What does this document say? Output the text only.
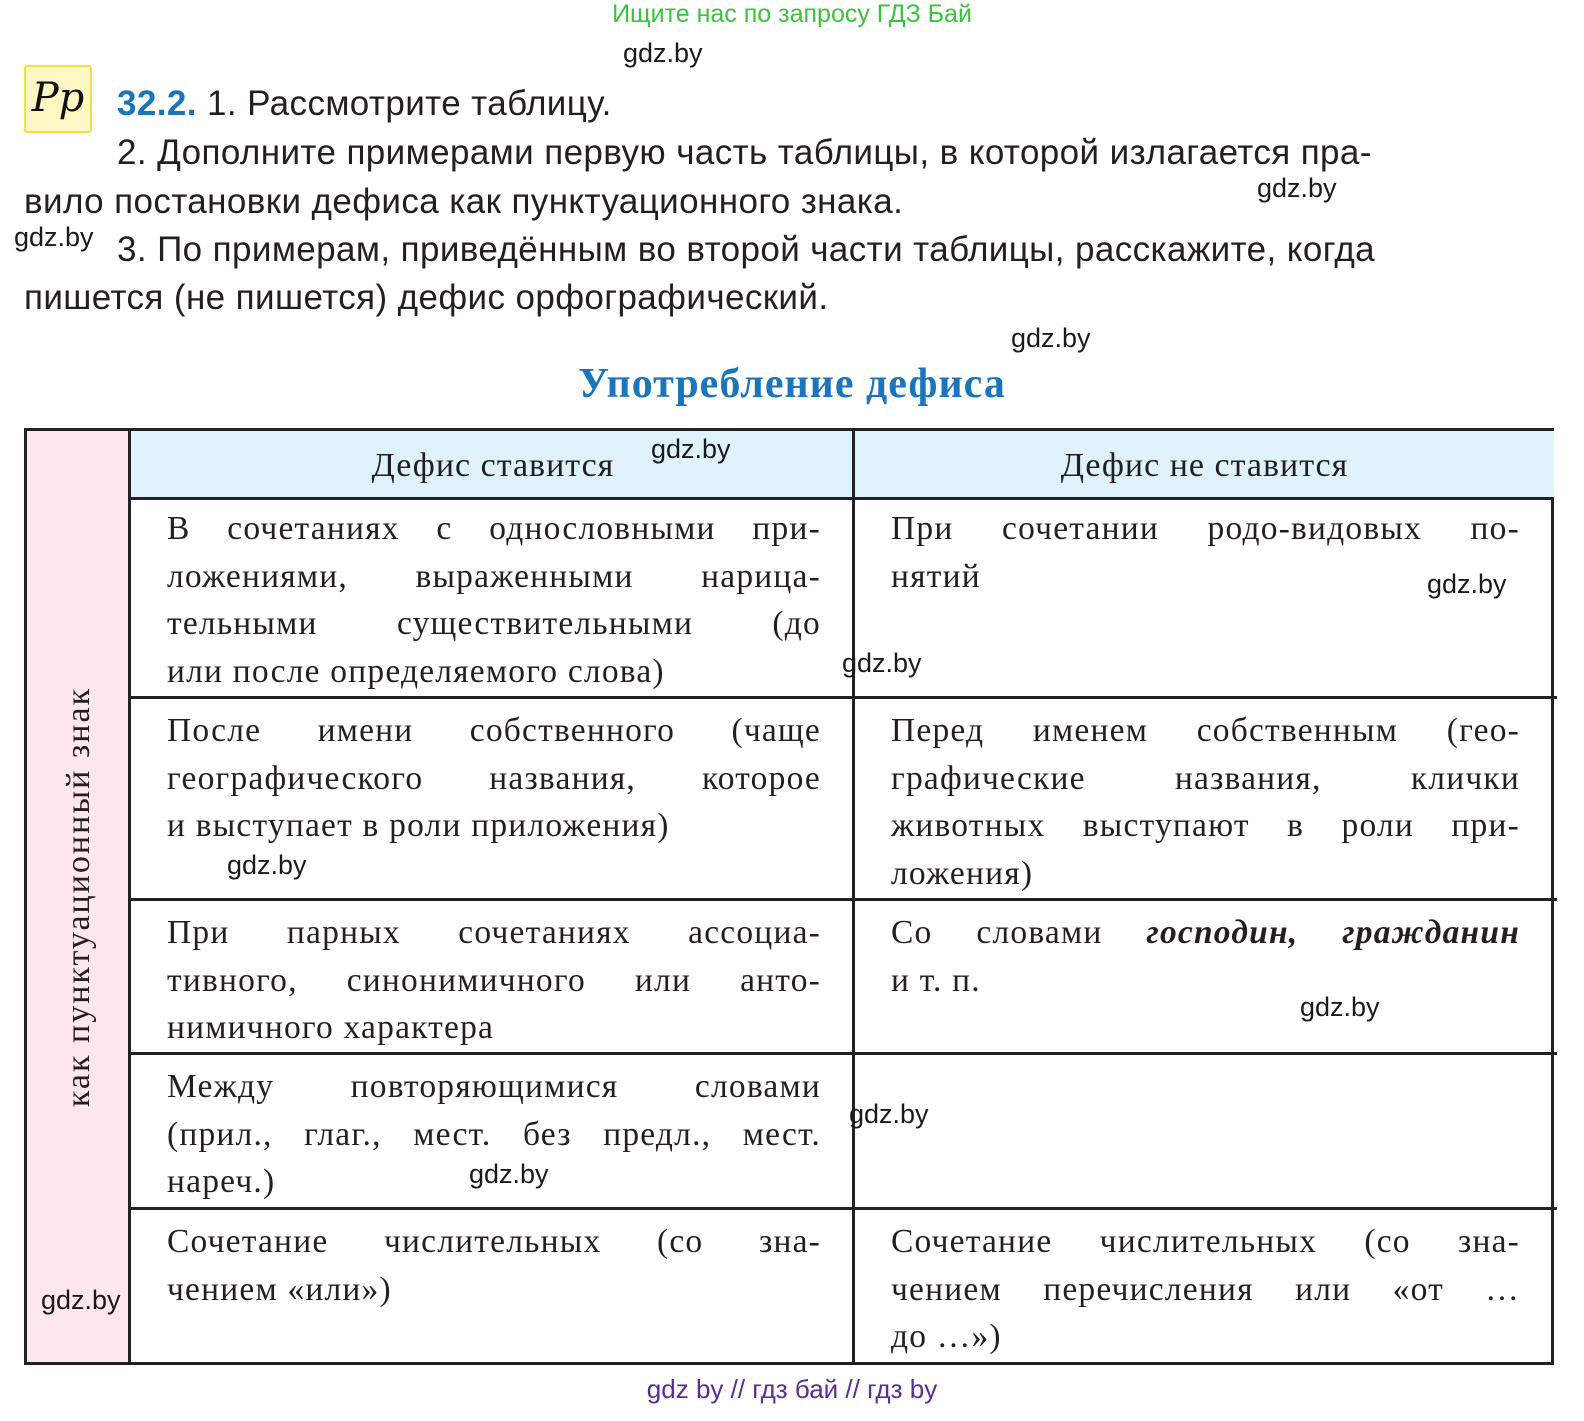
Ищите нас по запросу ГДЗ Бай
Pp 32.2. 1. Рассмотрите таблицу.
2. Дополните примерами первую часть таблицы, в которой излагается пра-
вило постановки дефиса как пунктуационного знака.
3. По примерам, приведённым во второй части таблицы, расскажите, когда
пишется (не пишется) дефис орфографический.
Употребление дефиса
как пунктуационный знак
Дефис ставится	Дефис не ставится
В сочетаниях с однословными при-
ложениями, выраженными нарица-
тельными существительными (до
или после определяемого слова)
При сочетании родо-видовых по-
нятий
После имени собственного (чаще
географического названия, которое
и выступает в роли приложения)
Перед именем собственным (гео-
графические названия, клички
животных выступают в роли при-
ложения)
При парных сочетаниях ассоциа-
тивного, синонимичного или анто-
нимичного характера
Со словами господин, гражданин
и т. п.
Между повторяющимися словами
(прил., глаг., мест. без предл., мест.
нареч.)
Сочетание числительных (со зна-
чением «или»)
Сочетание числительных (со зна-
чением перечисления или «от …
до …»)
gdz.by
gdz.by
gdz.by
gdz.by
gdz.by
gdz.by
gdz.by
gdz.by
gdz.by
gdz.by
gdz.by
gdz.by
gdz by // гдз бай // гдз by
